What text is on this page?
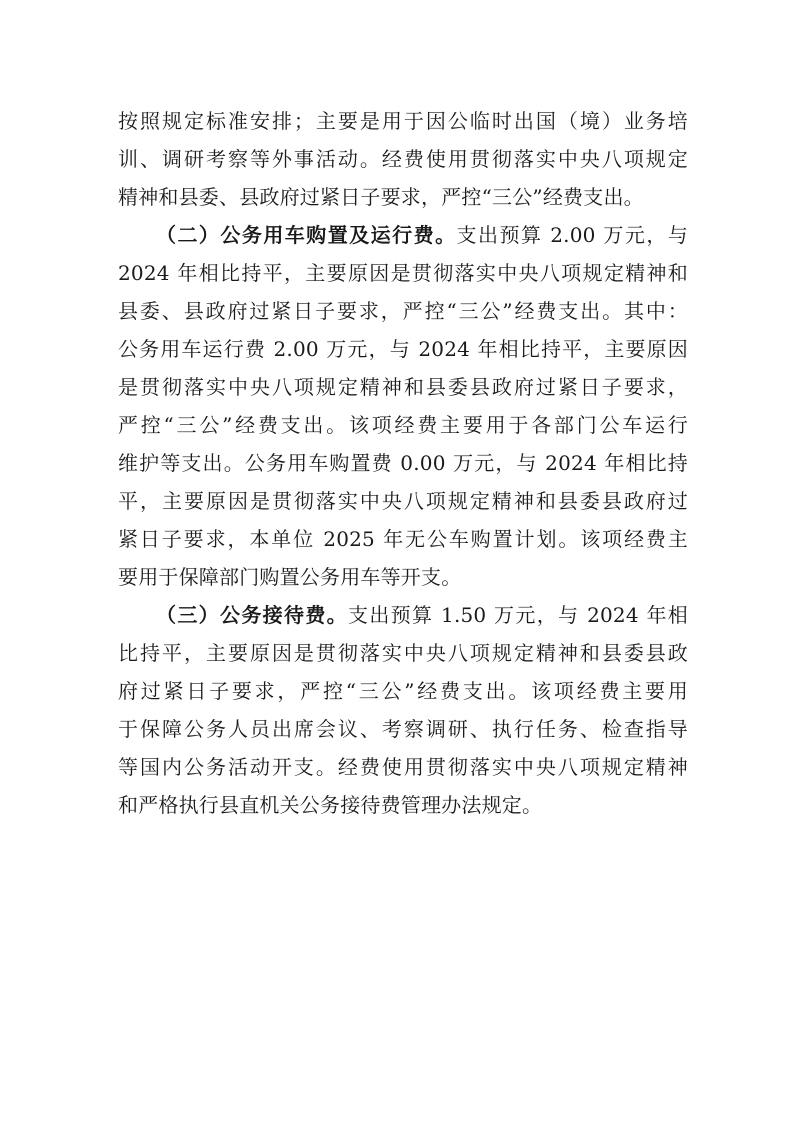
按照规定标准安排；主要是用于因公临时出国（境）业务培
训、调研考察等外事活动。经费使用贯彻落实中央八项规定
精神和县委、县政府过紧日子要求，严控“三公”经费支出。
（二）公务用车购置及运行费。支出预算 2.00 万元，与
2024 年相比持平，主要原因是贯彻落实中央八项规定精神和
县委、县政府过紧日子要求，严控“三公”经费支出。其中：
公务用车运行费 2.00 万元，与 2024 年相比持平，主要原因
是贯彻落实中央八项规定精神和县委县政府过紧日子要求，
严控“三公”经费支出。该项经费主要用于各部门公车运行
维护等支出。公务用车购置费 0.00 万元，与 2024 年相比持
平，主要原因是贯彻落实中央八项规定精神和县委县政府过
紧日子要求，本单位 2025 年无公车购置计划。该项经费主
要用于保障部门购置公务用车等开支。
（三）公务接待费。支出预算 1.50 万元，与 2024 年相
比持平，主要原因是贯彻落实中央八项规定精神和县委县政
府过紧日子要求，严控“三公”经费支出。该项经费主要用
于保障公务人员出席会议、考察调研、执行任务、检查指导
等国内公务活动开支。经费使用贯彻落实中央八项规定精神
和严格执行县直机关公务接待费管理办法规定。
